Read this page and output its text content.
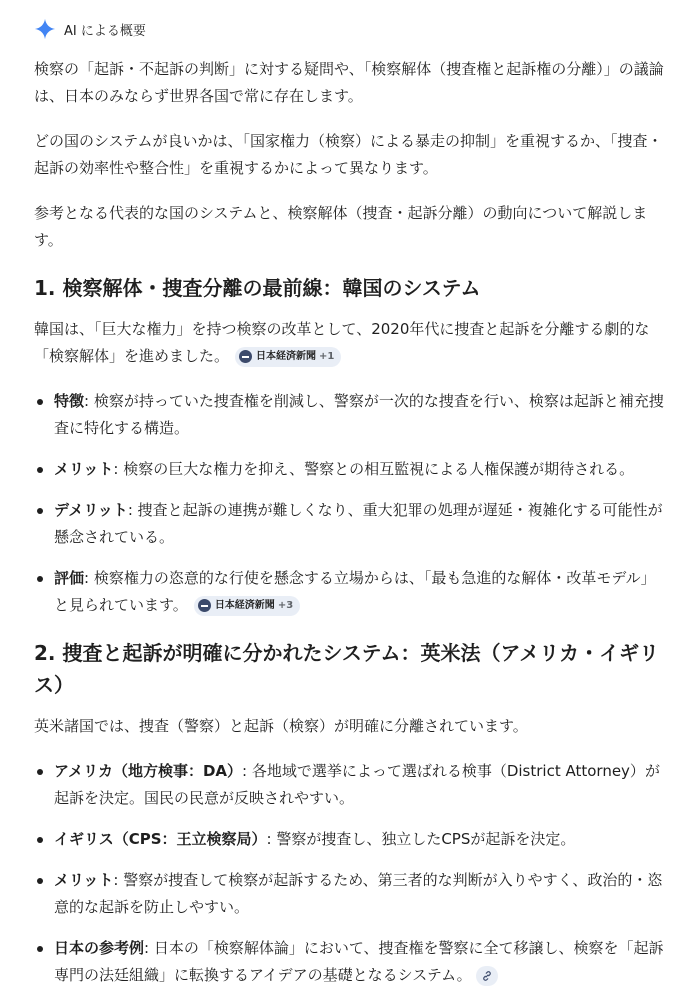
AI による概要

検察の「起訴・不起訴の判断」に対する疑問や、「検察解体（捜査権と起訴権の分離）」の議論は、日本のみならず世界各国で常に存在します。

どの国のシステムが良いかは、「国家権力（検察）による暴走の抑制」を重視するか、「捜査・起訴の効率性や整合性」を重視するかによって異なります。

参考となる代表的な国のシステムと、検察解体（捜査・起訴分離）の動向について解説します。

1. 検察解体・捜査分離の最前線：韓国のシステム

韓国は、「巨大な権力」を持つ検察の改革として、2020年代に捜査と起訴を分離する劇的な「検察解体」を進めました。	日本経済新聞 +1

特徴: 検察が持っていた捜査権を削減し、警察が一次的な捜査を行い、検察は起訴と補充捜査に特化する構造。
メリット: 検察の巨大な権力を抑え、警察との相互監視による人権保護が期待される。
デメリット: 捜査と起訴の連携が難しくなり、重大犯罪の処理が遅延・複雑化する可能性が懸念されている。
評価: 検察権力の恣意的な行使を懸念する立場からは、「最も急進的な解体・改革モデル」と見られています。	日本経済新聞 +3
2. 捜査と起訴が明確に分かれたシステム：英米法（アメリカ・イギリス）

英米諸国では、捜査（警察）と起訴（検察）が明確に分離されています。

アメリカ（地方検事：DA）: 各地域で選挙によって選ばれる検事（District Attorney）が起訴を決定。国民の民意が反映されやすい。
イギリス（CPS：王立検察局）: 警察が捜査し、独立したCPSが起訴を決定。
メリット: 警察が捜査して検察が起訴するため、第三者的な判断が入りやすく、政治的・恣意的な起訴を防止しやすい。
日本の参考例: 日本の「検察解体論」において、捜査権を警察に全て移譲し、検察を「起訴専門の法廷組織」に転換するアイデアの基礎となるシステム。
